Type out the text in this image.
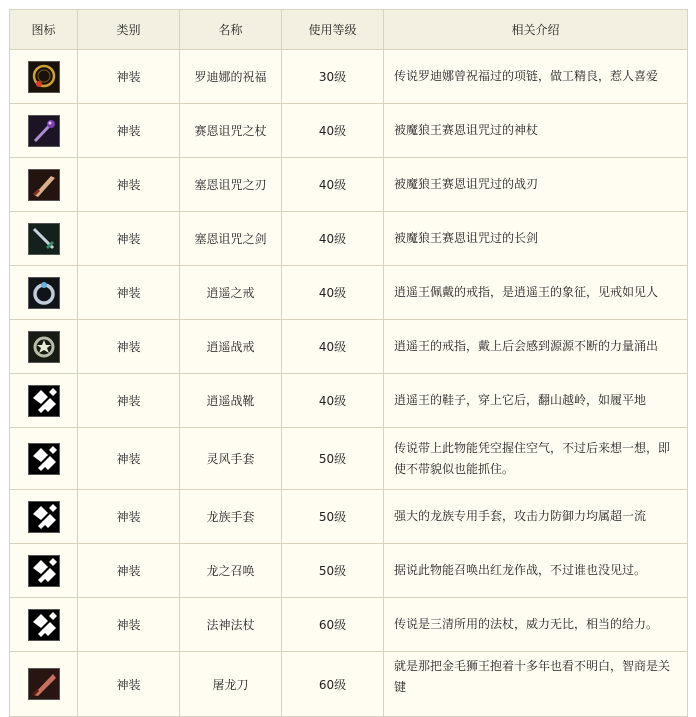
图标	类别	名称	使用等级	相关介绍

	神装	罗迪娜的祝福	30级	传说罗迪娜曾祝福过的项链，做工精良，惹人喜爱

	神装	赛恩诅咒之杖	40级	被魔狼王赛恩诅咒过的神杖

	神装	塞恩诅咒之刃	40级	被魔狼王赛恩诅咒过的战刃

	神装	塞恩诅咒之剑	40级	被魔狼王赛恩诅咒过的长剑

	神装	逍遥之戒	40级	逍遥王佩戴的戒指，是逍遥王的象征，见戒如见人

	神装	逍遥战戒	40级	逍遥王的戒指，戴上后会感到源源不断的力量涌出

	神装	逍遥战靴	40级	逍遥王的鞋子，穿上它后，翻山越岭，如履平地

	神装	灵风手套	50级	传说带上此物能凭空握住空气，不过后来想一想，即使不带貌似也能抓住。

	神装	龙族手套	50级	强大的龙族专用手套，攻击力防御力均属超一流

	神装	龙之召唤	50级	据说此物能召唤出红龙作战，不过谁也没见过。

	神装	法神法杖	60级	传说是三清所用的法杖，威力无比，相当的给力。

	神装	屠龙刀	60级	就是那把金毛狮王抱着十多年也看不明白，智商是关键
